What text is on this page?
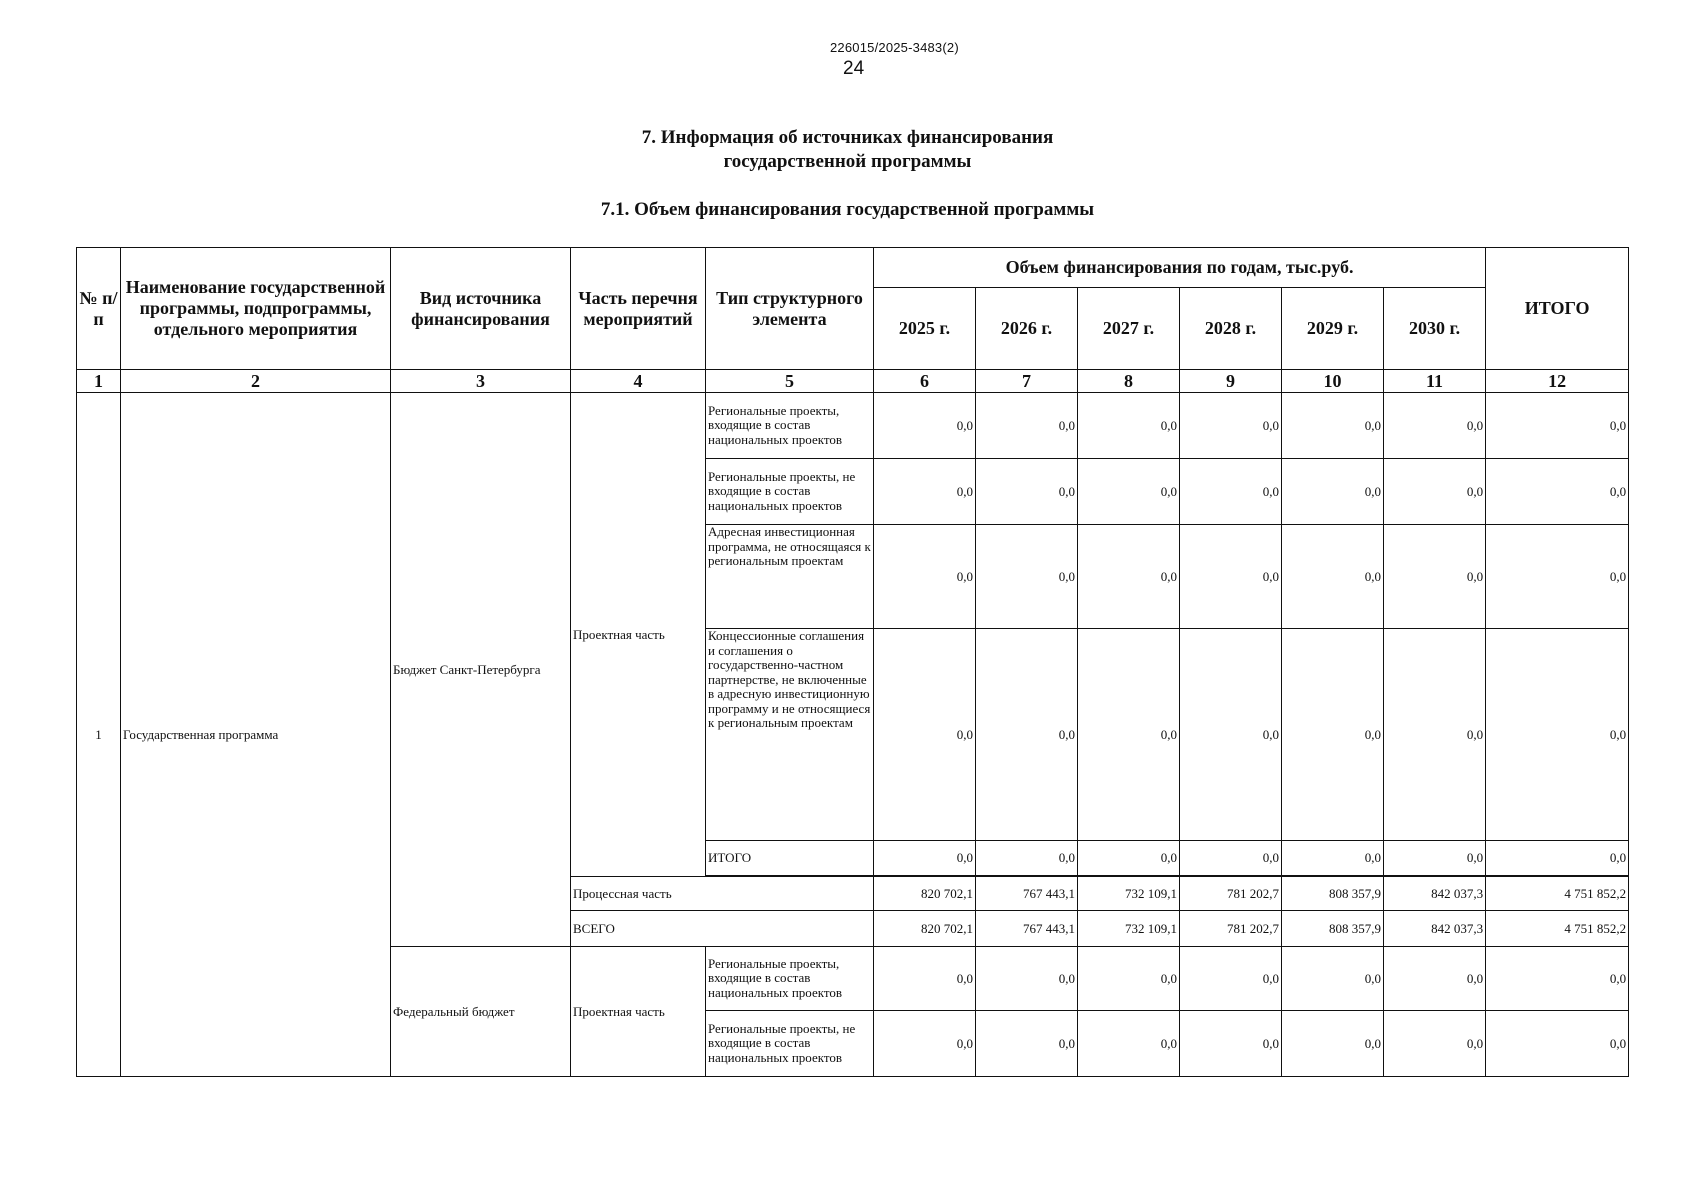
226015/2025-3483(2)
24
7. Информация об источниках финансирования
государственной программы
7.1. Объем финансирования государственной программы
№ п/п	Наименование государственной программы, подпрограммы, отдельного мероприятия	Вид источника финансирования	Часть перечня мероприятий	Тип структурного элемента	Объем финансирования по годам, тыс.руб.						ИТОГО
					2025 г.	2026 г.	2027 г.	2028 г.	2029 г.	2030 г.	
1	2	3	4	5	6	7	8	9	10	11	12
1	Государственная программа	Бюджет Санкт-Петербурга	Проектная часть	Региональные проекты, входящие в состав национальных проектов	0,0	0,0	0,0	0,0	0,0	0,0	0,0
				Региональные проекты, не входящие в состав национальных проектов	0,0	0,0	0,0	0,0	0,0	0,0	0,0
				Адресная инвестиционная программа, не относящаяся к региональным проектам	0,0	0,0	0,0	0,0	0,0	0,0	0,0
				Концессионные соглашения и соглашения о государственно-частном партнерстве, не включенные в адресную инвестиционную программу и не относящиеся к региональным проектам	0,0	0,0	0,0	0,0	0,0	0,0	0,0
				ИТОГО	0,0	0,0	0,0	0,0	0,0	0,0	0,0

			Процессная часть		820 702,1	767 443,1	732 109,1	781 202,7	808 357,9	842 037,3	4 751 852,2
			ВСЕГО		820 702,1	767 443,1	732 109,1	781 202,7	808 357,9	842 037,3	4 751 852,2
		Федеральный бюджет	Проектная часть	Региональные проекты, входящие в состав национальных проектов	0,0	0,0	0,0	0,0	0,0	0,0	0,0
				Региональные проекты, не входящие в состав национальных проектов	0,0	0,0	0,0	0,0	0,0	0,0	0,0
